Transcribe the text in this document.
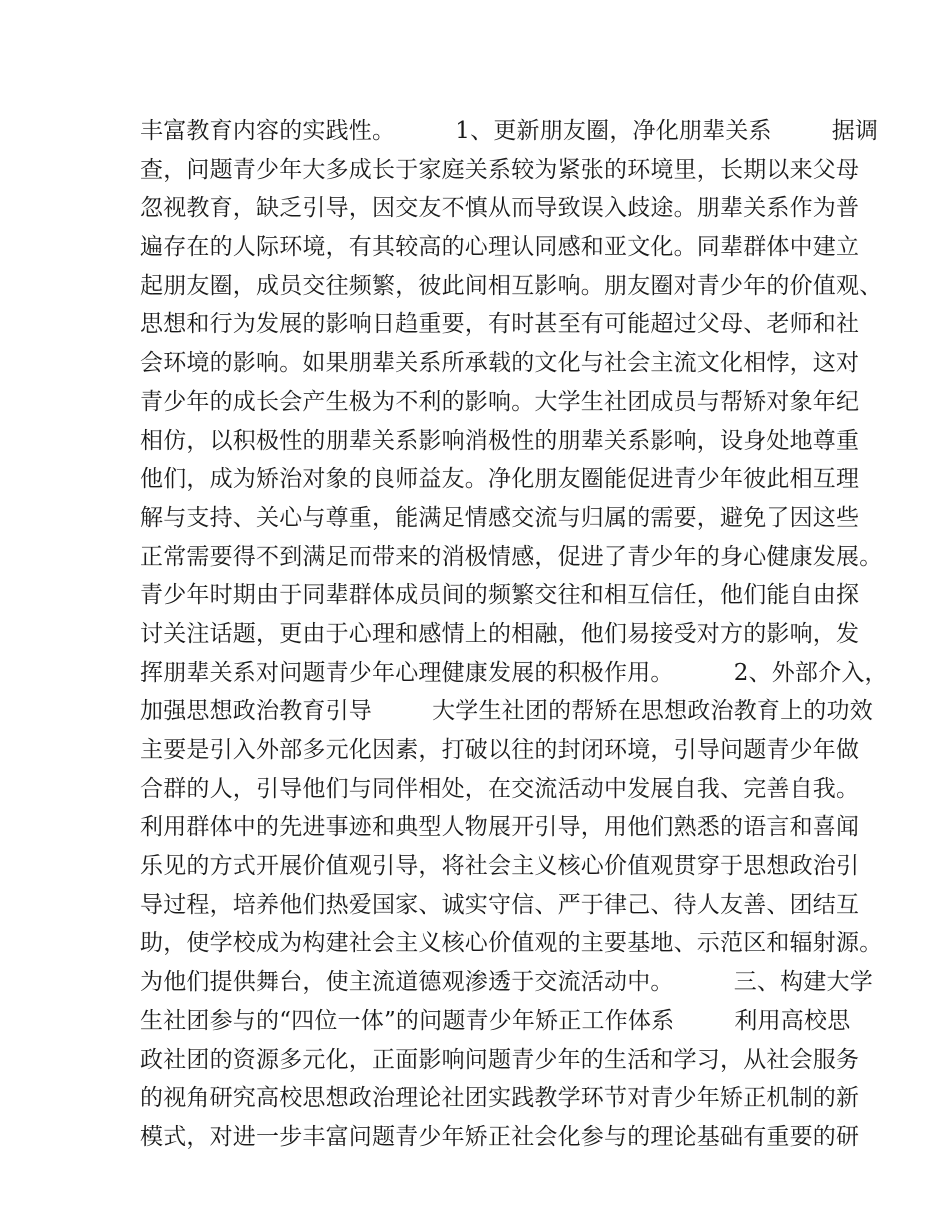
丰富教育内容的实践性。        1、更新朋友圈，净化朋辈关系        据调
查，问题青少年大多成长于家庭关系较为紧张的环境里，长期以来父母
忽视教育，缺乏引导，因交友不慎从而导致误入歧途。朋辈关系作为普
遍存在的人际环境，有其较高的心理认同感和亚文化。同辈群体中建立
起朋友圈，成员交往频繁，彼此间相互影响。朋友圈对青少年的价值观、
思想和行为发展的影响日趋重要，有时甚至有可能超过父母、老师和社
会环境的影响。如果朋辈关系所承载的文化与社会主流文化相悖，这对
青少年的成长会产生极为不利的影响。大学生社团成员与帮矫对象年纪
相仿，以积极性的朋辈关系影响消极性的朋辈关系影响，设身处地尊重
他们，成为矫治对象的良师益友。净化朋友圈能促进青少年彼此相互理
解与支持、关心与尊重，能满足情感交流与归属的需要，避免了因这些
正常需要得不到满足而带来的消极情感，促进了青少年的身心健康发展。
青少年时期由于同辈群体成员间的频繁交往和相互信任，他们能自由探
讨关注话题，更由于心理和感情上的相融，他们易接受对方的影响，发
挥朋辈关系对问题青少年心理健康发展的积极作用。        2、外部介入，
加强思想政治教育引导        大学生社团的帮矫在思想政治教育上的功效
主要是引入外部多元化因素，打破以往的封闭环境，引导问题青少年做
合群的人，引导他们与同伴相处，在交流活动中发展自我、完善自我。
利用群体中的先进事迹和典型人物展开引导，用他们熟悉的语言和喜闻
乐见的方式开展价值观引导，将社会主义核心价值观贯穿于思想政治引
导过程，培养他们热爱国家、诚实守信、严于律己、待人友善、团结互
助，使学校成为构建社会主义核心价值观的主要基地、示范区和辐射源。
为他们提供舞台，使主流道德观渗透于交流活动中。        三、构建大学
生社团参与的“四位一体”的问题青少年矫正工作体系        利用高校思
政社团的资源多元化，正面影响问题青少年的生活和学习，从社会服务
的视角研究高校思想政治理论社团实践教学环节对青少年矫正机制的新
模式，对进一步丰富问题青少年矫正社会化参与的理论基础有重要的研
